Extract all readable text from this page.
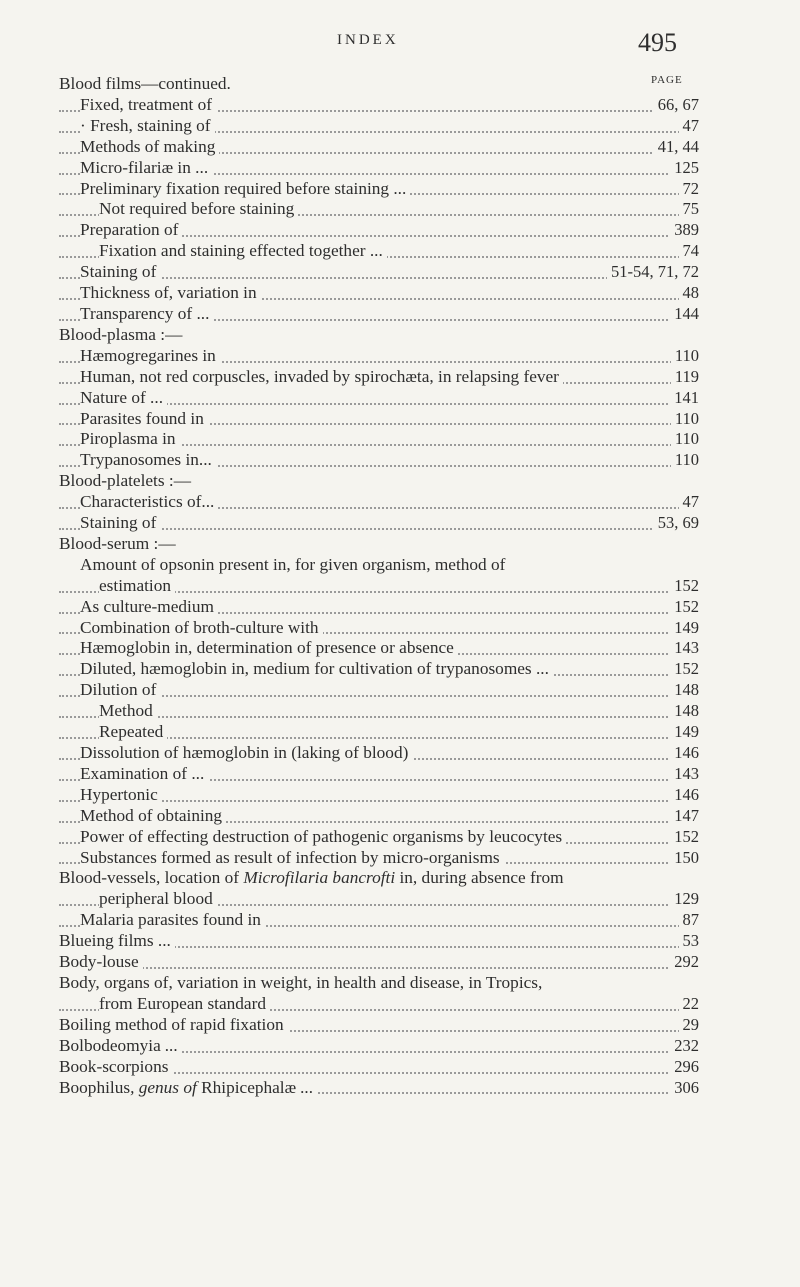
INDEX	495
PAGE
Blood films—continued.
Fixed, treatment of	66, 67
· Fresh, staining of	47
Methods of making	41, 44
Micro-filariæ in ...	125
Preliminary fixation required before staining ...	72
Not required before staining	75
Preparation of	389
Fixation and staining effected together ...	74
Staining of	51-54, 71, 72
Thickness of, variation in	48
Transparency of ...	144
Blood-plasma :—
Hæmogregarines in	110
Human, not red corpuscles, invaded by spirochæta, in relapsing fever	119
Nature of ...	141
Parasites found in	110
Piroplasma in	110
Trypanosomes in...	110
Blood-platelets :—
Characteristics of...	47
Staining of	53, 69
Blood-serum :—
Amount of opsonin present in, for given organism, method of
estimation	152
As culture-medium	152
Combination of broth-culture with	149
Hæmoglobin in, determination of presence or absence	143
Diluted, hæmoglobin in, medium for cultivation of trypanosomes ...	152
Dilution of	148
Method	148
Repeated	149
Dissolution of hæmoglobin in (laking of blood)	146
Examination of ...	143
Hypertonic	146
Method of obtaining	147
Power of effecting destruction of pathogenic organisms by leucocytes	152
Substances formed as result of infection by micro-organisms	150
Blood-vessels, location of Microfilaria bancrofti in, during absence from
peripheral blood	129
Malaria parasites found in	87
Blueing films ...	53
Body-louse	292
Body, organs of, variation in weight, in health and disease, in Tropics,
from European standard	22
Boiling method of rapid fixation	29
Bolbodeomyia ...	232
Book-scorpions	296
Boophilus, genus of Rhipicephalæ ...	306
